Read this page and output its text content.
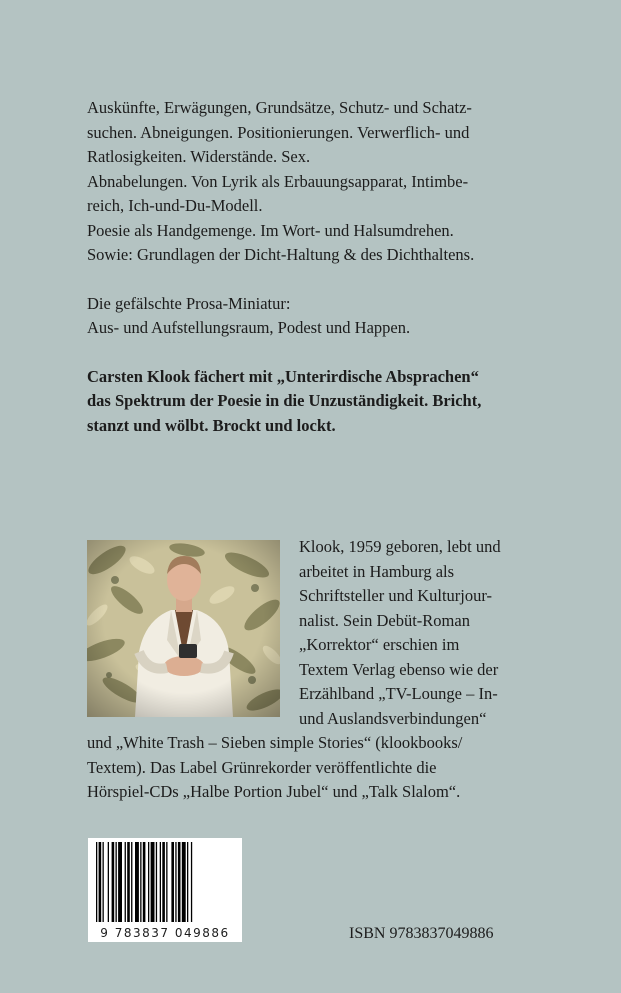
Auskünfte, Erwägungen, Grundsätze, Schutz- und Schatz-
suchen. Abneigungen. Positionierungen. Verwerflich- und
Ratlosigkeiten. Widerstände. Sex.
Abnabelungen. Von Lyrik als Erbauungsapparat, Intimbe-
reich, Ich-und-Du-Modell.
Poesie als Handgemenge. Im Wort- und Halsumdrehen.
Sowie: Grundlagen der Dicht-Haltung & des Dichthaltens.

Die gefälschte Prosa-Miniatur:
Aus- und Aufstellungsraum, Podest und Happen.

Carsten Klook fächert mit „Unterirdische Absprachen“
das Spektrum der Poesie in die Unzuständigkeit. Bricht,
stanzt und wölbt. Brockt und lockt.

Klook, 1959 geboren, lebt und
arbeitet in Hamburg als
Schriftsteller und Kulturjour-
nalist. Sein Debüt-Roman
„Korrektor“ erschien im
Textem Verlag ebenso wie der
Erzählband „TV-Lounge – In-
und Auslandsverbindungen“
und „White Trash – Sieben simple Stories“ (klookbooks/
Textem). Das Label Grünrekorder veröffentlichte die
Hörspiel-CDs „Halbe Portion Jubel“ und „Talk Slalom“.
9 783837 049886	ISBN 9783837049886
